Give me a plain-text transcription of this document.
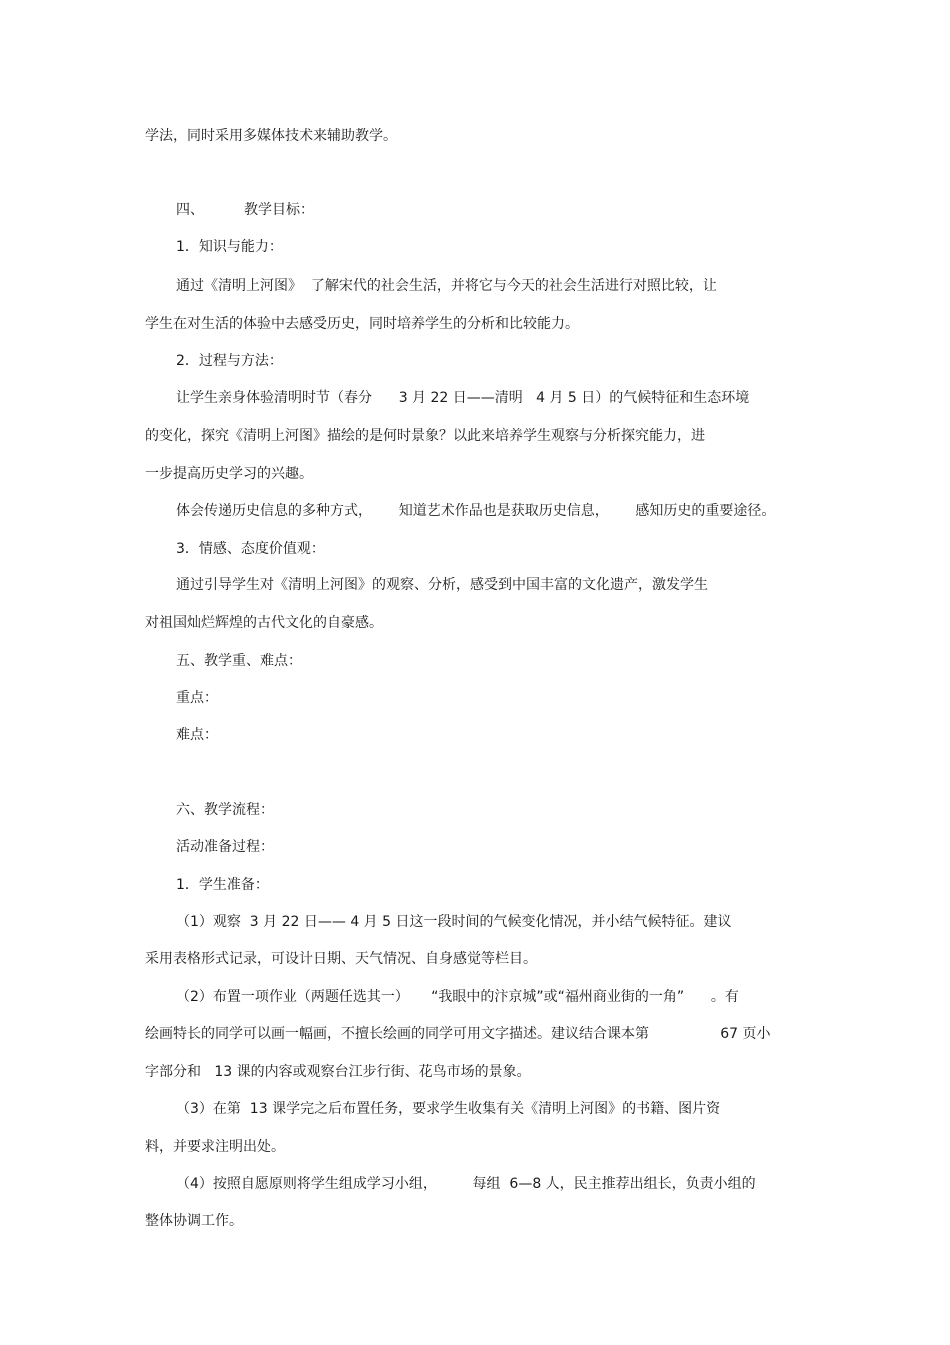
学法，同时采用多媒体技术来辅助教学。
四、         教学目标：
1．知识与能力：
通过《清明上河图》  了解宋代的社会生活，并将它与今天的社会生活进行对照比较，让
学生在对生活的体验中去感受历史，同时培养学生的分析和比较能力。
2．过程与方法：
让学生亲身体验清明时节（春分      3 月 22 日——清明   4 月 5 日）的气候特征和生态环境
的变化，探究《清明上河图》描绘的是何时景象？以此来培养学生观察与分析探究能力，进
一步提高历史学习的兴趣。
体会传递历史信息的多种方式，      知道艺术作品也是获取历史信息，      感知历史的重要途径。
3．情感、态度价值观：
通过引导学生对《清明上河图》的观察、分析，感受到中国丰富的文化遗产，激发学生
对祖国灿烂辉煌的古代文化的自豪感。
五、教学重、难点：
重点：
难点：
六、教学流程：
活动准备过程：
1．学生准备：
（1）观察  3 月 22 日—— 4 月 5 日这一段时间的气候变化情况，并小结气候特征。建议
采用表格形式记录，可设计日期、天气情况、自身感觉等栏目。
（2）布置一项作业（两题任选其一）     “我眼中的汴京城”或“福州商业街的一角”      。有
绘画特长的同学可以画一幅画，不擅长绘画的同学可用文字描述。建议结合课本第                67 页小
字部分和   13 课的内容或观察台江步行街、花鸟市场的景象。
（3）在第  13 课学完之后布置任务，要求学生收集有关《清明上河图》的书籍、图片资
料，并要求注明出处。
（4）按照自愿原则将学生组成学习小组，        每组  6—8 人，民主推荐出组长，负责小组的
整体协调工作。
